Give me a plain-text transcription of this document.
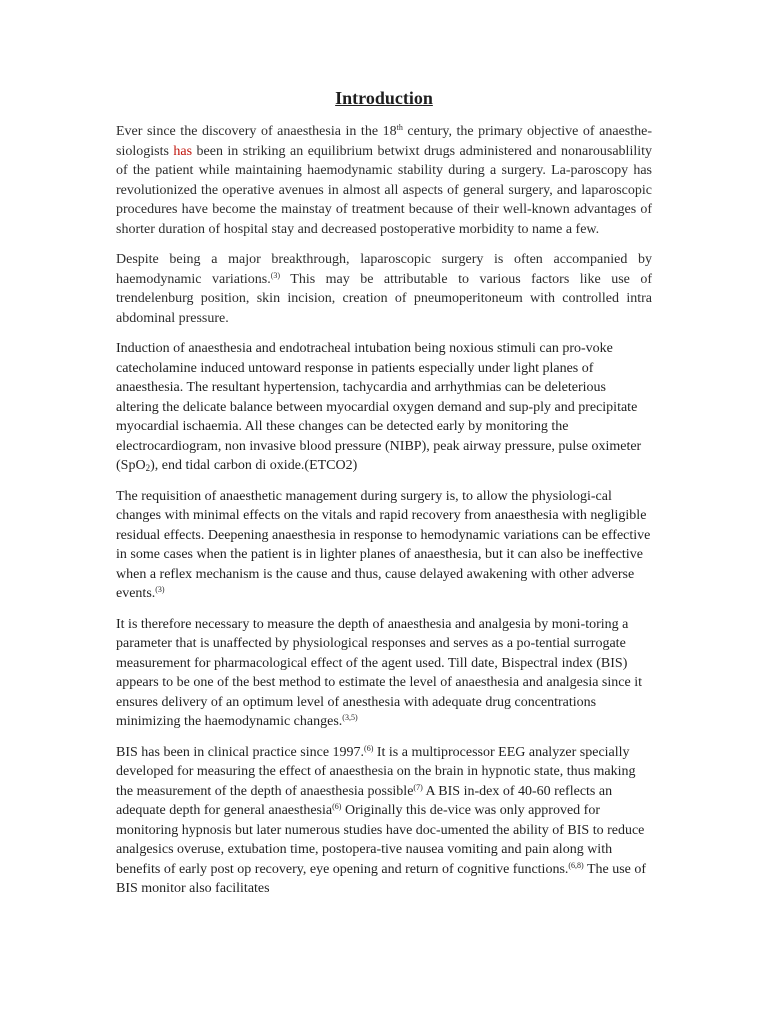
Introduction

Ever since the discovery of anaesthesia in the 18th century, the primary objective of anaesthe-siologists has been in striking an equilibrium betwixt drugs administered and nonarousablility of the patient while maintaining haemodynamic stability during a surgery. La-paroscopy has revolutionized the operative avenues in almost all aspects of general surgery, and laparoscopic procedures have become the mainstay of treatment because of their well-known advantages of shorter duration of hospital stay and decreased postoperative morbidity to name a few.

Despite being a major breakthrough, laparoscopic surgery is often accompanied by haemodynamic variations.$^{(3)}$ This may be attributable to various factors like use of trendelenburg position, skin incision, creation of pneumoperitoneum with controlled intra abdominal pressure.

Induction of anaesthesia and endotracheal intubation being noxious stimuli can pro-voke catecholamine induced untoward response in patients especially under light planes of anaesthesia. The resultant hypertension, tachycardia and arrhythmias can be deleterious altering the delicate balance between myocardial oxygen demand and sup-ply and precipitate myocardial ischaemia. All these changes can be detected early by monitoring the electrocardiogram, non invasive blood pressure (NIBP), peak airway pressure, pulse oximeter (SpO$_2$), end tidal carbon di oxide.(ETCO2)

The requisition of anaesthetic management during surgery is, to allow the physiologi-cal changes with minimal effects on the vitals and rapid recovery from anaesthesia with negligible residual effects. Deepening anaesthesia in response to hemodynamic variations can be effective in some cases when the patient is in lighter planes of anaesthesia, but it can also be ineffective when a reflex mechanism is the cause and thus, cause delayed awakening with other adverse events.$^{(3)}$

It is therefore necessary to measure the depth of anaesthesia and analgesia by moni-toring a parameter that is unaffected by physiological responses and serves as a po-tential surrogate measurement for pharmacological effect of the agent used. Till date, Bispectral index (BIS) appears to be one of the best method to estimate the level of anaesthesia and analgesia since it ensures delivery of an optimum level of anesthesia with adequate drug concentrations minimizing the haemodynamic changes.$^{(3,5)}$

BIS has been in clinical practice since 1997.$^{(6)}$ It is a multiprocessor EEG analyzer specially developed for measuring the effect of anaesthesia on the brain in hypnotic state, thus making the measurement of the depth of anaesthesia possible$^{(7)}$ A BIS in-dex of 40-60 reflects an adequate depth for general anaesthesia$^{(6)}$ Originally this de-vice was only approved for monitoring hypnosis but later numerous studies have doc-umented the ability of BIS to reduce analgesics overuse, extubation time, postopera-tive nausea vomiting and pain along with benefits of early post op recovery, eye opening and return of cognitive functions.$^{(6,8)}$ The use of BIS monitor also facilitates
